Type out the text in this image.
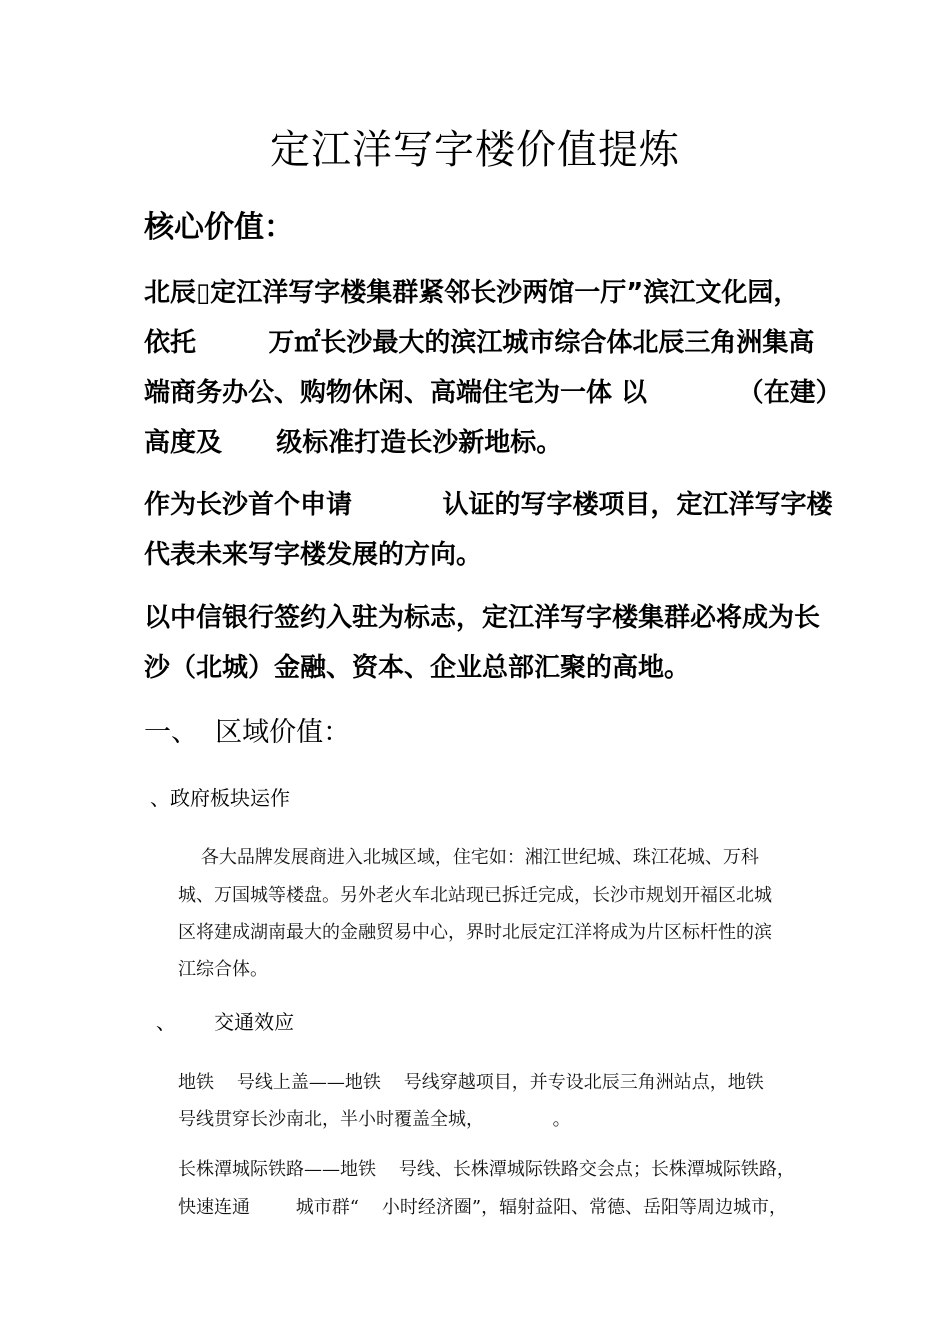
定江洋写字楼价值提炼
核心价值：
北辰▯定江洋写字楼集群紧邻长沙两馆一厅”滨江文化园，
依托        万㎡长沙最大的滨江城市综合体北辰三角洲集高
端商务办公、购物休闲、高端住宅为一体 以          （在建）
高度及      级标准打造长沙新地标。
作为长沙首个申请          认证的写字楼项目，定江洋写字楼
代表未来写字楼发展的方向。
以中信银行签约入驻为标志，定江洋写字楼集群必将成为长
沙（北城）金融、资本、企业总部汇聚的高地。
一、  区域价值：
、政府板块运作
各大品牌发展商进入北城区域，住宅如：湘江世纪城、珠江花城、万科
城、万国城等楼盘。另外老火车北站现已拆迁完成，长沙市规划开福区北城
区将建成湖南最大的金融贸易中心，界时北辰定江洋将成为片区标杆性的滨
江综合体。
、      交通效应
地铁    号线上盖——地铁    号线穿越项目，并专设北辰三角洲站点，地铁
号线贯穿长沙南北，半小时覆盖全城，            。
长株潭城际铁路——地铁    号线、长株潭城际铁路交会点；长株潭城际铁路，
快速连通        城市群“    小时经济圈”，辐射益阳、常德、岳阳等周边城市，
